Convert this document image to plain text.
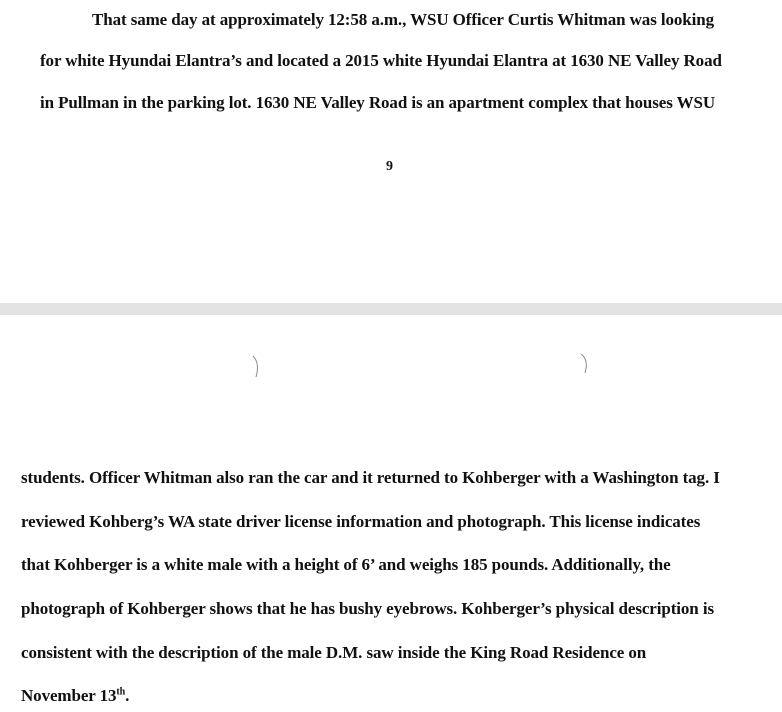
That same day at approximately 12:58 a.m., WSU Officer Curtis Whitman was looking
for white Hyundai Elantra’s and located a 2015 white Hyundai Elantra at 1630 NE Valley Road
in Pullman in the parking lot. 1630 NE Valley Road is an apartment complex that houses WSU
9
students. Officer Whitman also ran the car and it returned to Kohberger with a Washington tag. I
reviewed Kohberg’s WA state driver license information and photograph. This license indicates
that Kohberger is a white male with a height of 6’ and weighs 185 pounds. Additionally, the
photograph of Kohberger shows that he has bushy eyebrows. Kohberger’s physical description is
consistent with the description of the male D.M. saw inside the King Road Residence on
November 13th.
